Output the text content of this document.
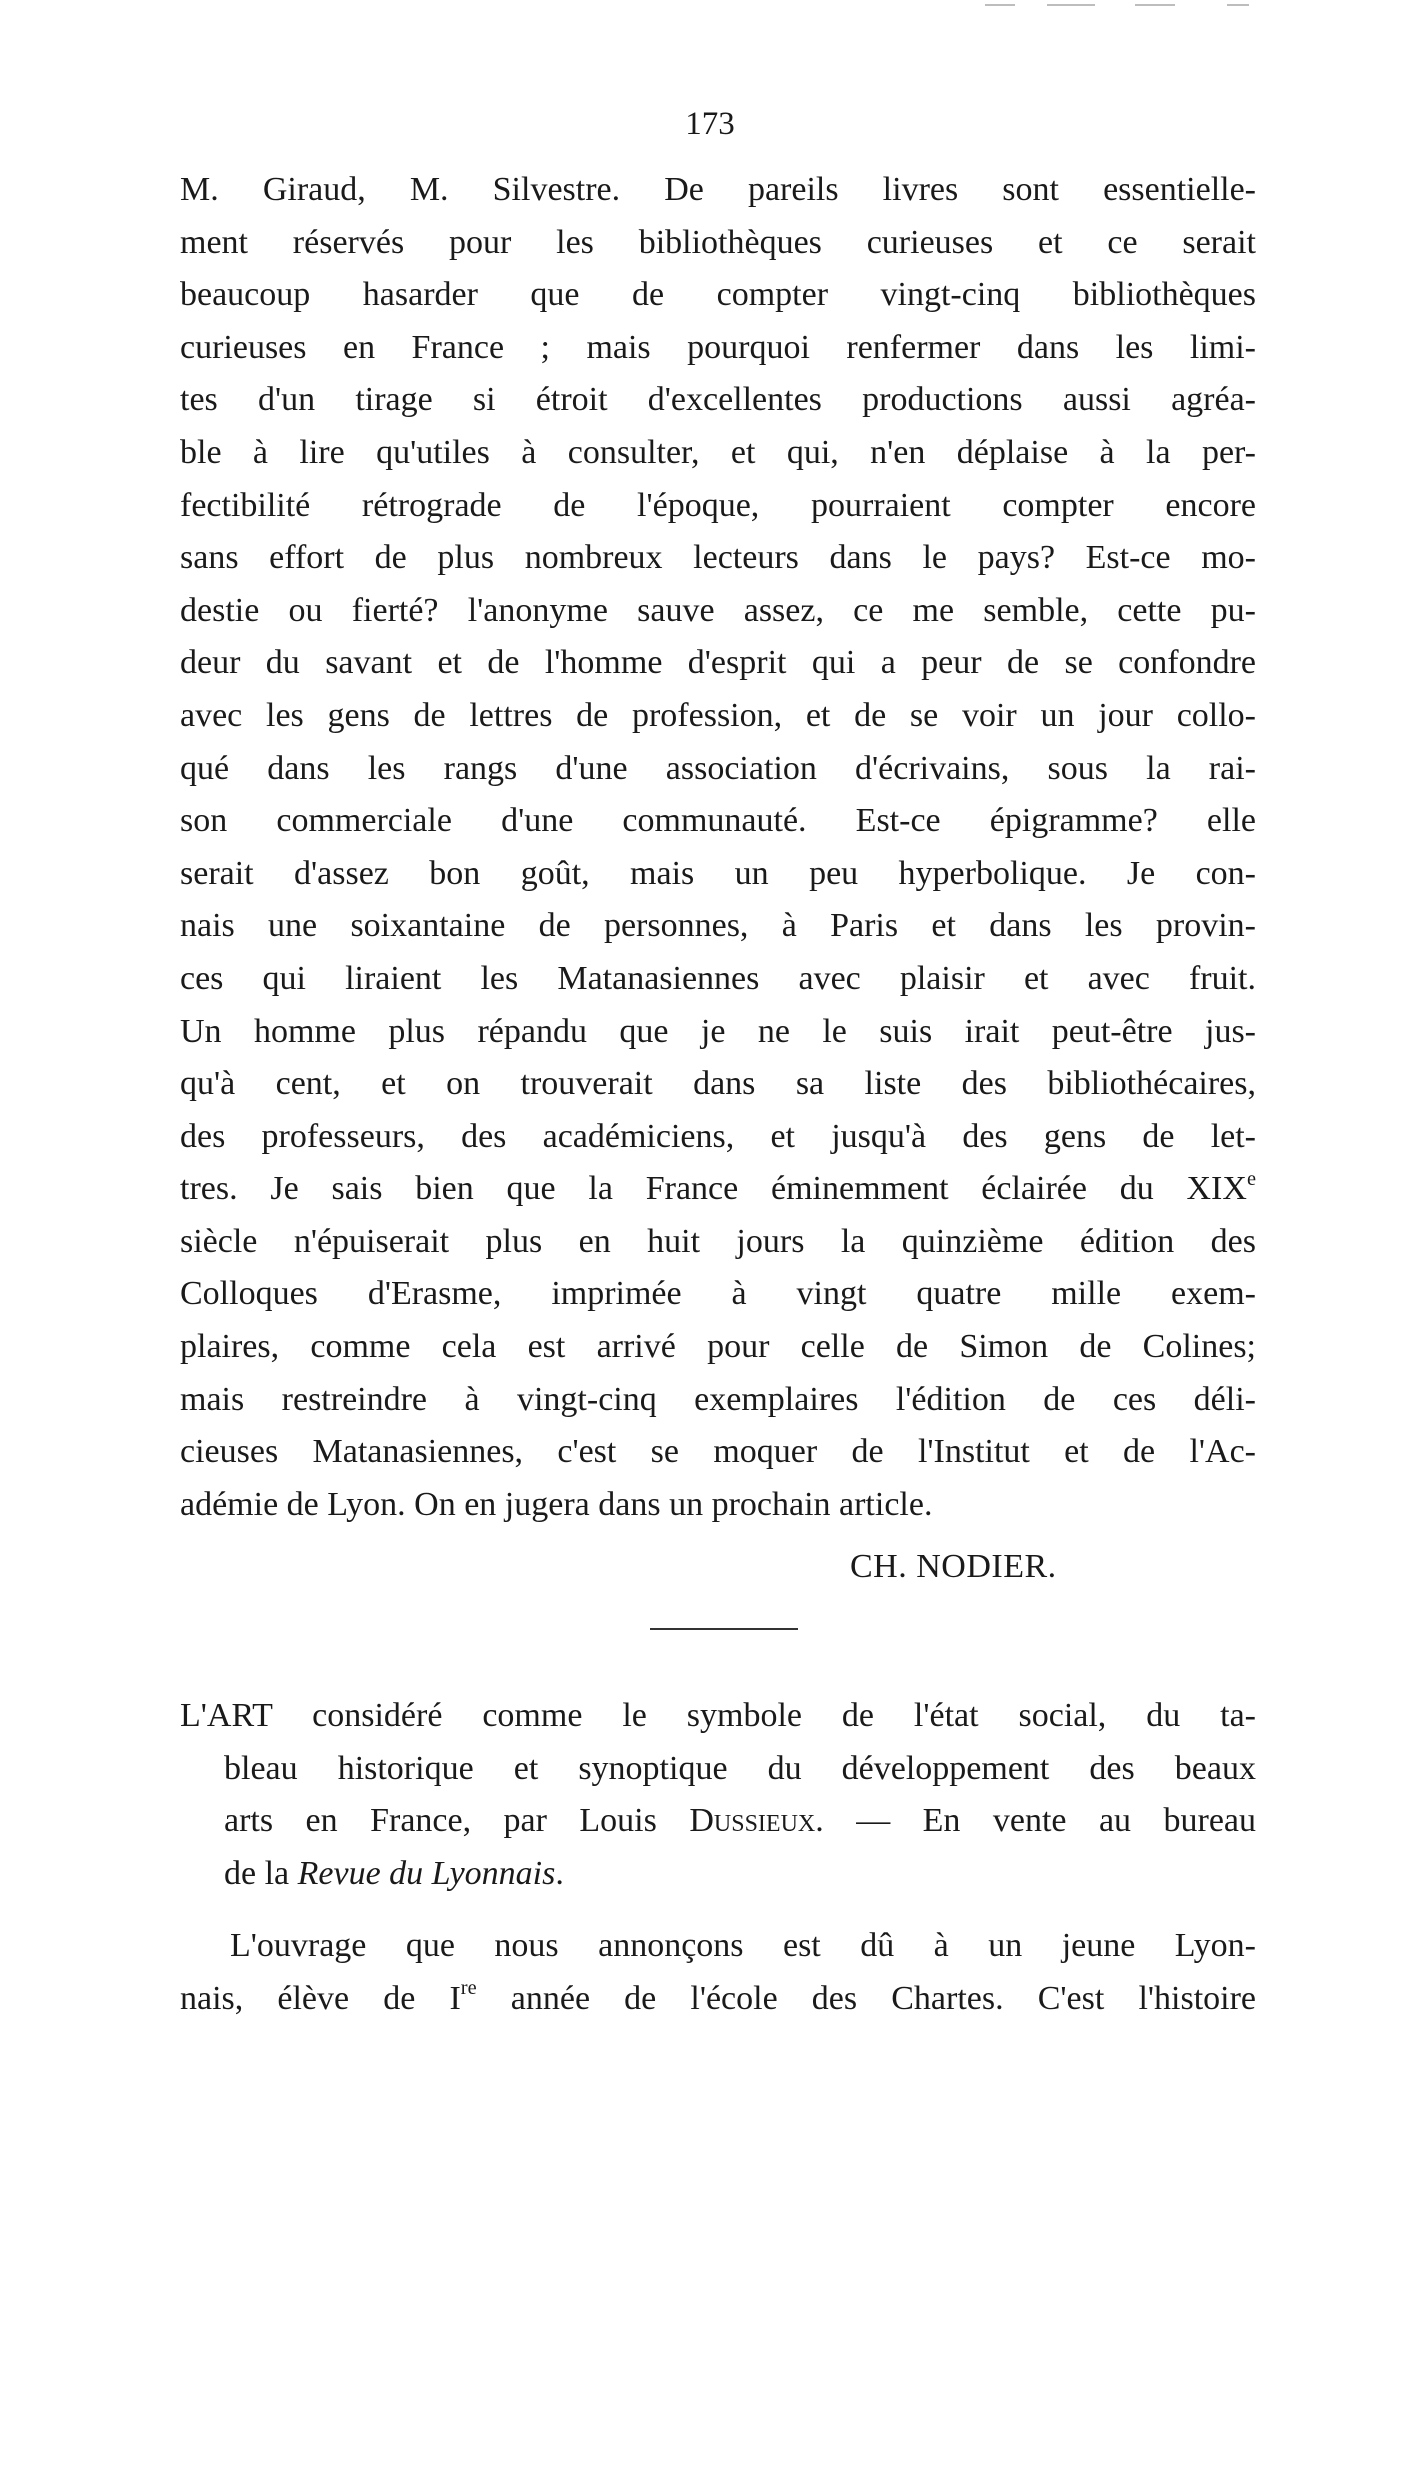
173
M. Giraud, M. Silvestre. De pareils livres sont essentielle-
ment réservés pour les bibliothèques curieuses et ce serait
beaucoup hasarder que de compter vingt-cinq bibliothèques
curieuses en France ; mais pourquoi renfermer dans les limi-
tes d'un tirage si étroit d'excellentes productions aussi agréa-
ble à lire qu'utiles à consulter, et qui, n'en déplaise à la per-
fectibilité rétrograde de l'époque, pourraient compter encore
sans effort de plus nombreux lecteurs dans le pays? Est-ce mo-
destie ou fierté? l'anonyme sauve assez, ce me semble, cette pu-
deur du savant et de l'homme d'esprit qui a peur de se confondre
avec les gens de lettres de profession, et de se voir un jour collo-
qué dans les rangs d'une association d'écrivains, sous la rai-
son commerciale d'une communauté. Est-ce épigramme? elle
serait d'assez bon goût, mais un peu hyperbolique. Je con-
nais une soixantaine de personnes, à Paris et dans les provin-
ces qui liraient les Matanasiennes avec plaisir et avec fruit.
Un homme plus répandu que je ne le suis irait peut-être jus-
qu'à cent, et on trouverait dans sa liste des bibliothécaires,
des professeurs, des académiciens, et jusqu'à des gens de let-
tres. Je sais bien que la France éminemment éclairée du XIXe
siècle n'épuiserait plus en huit jours la quinzième édition des
Colloques d'Erasme, imprimée à vingt quatre mille exem-
plaires, comme cela est arrivé pour celle de Simon de Colines;
mais restreindre à vingt-cinq exemplaires l'édition de ces déli-
cieuses Matanasiennes, c'est se moquer de l'Institut et de l'Ac-
adémie de Lyon. On en jugera dans un prochain article.
CH. NODIER.
L'ART considéré comme le symbole de l'état social, du ta-
bleau historique et synoptique du développement des beaux
arts en France, par Louis Dussieux. — En vente au bureau
de la Revue du Lyonnais.
L'ouvrage que nous annonçons est dû à un jeune Lyon-
nais, élève de Ire année de l'école des Chartes. C'est l'histoire
